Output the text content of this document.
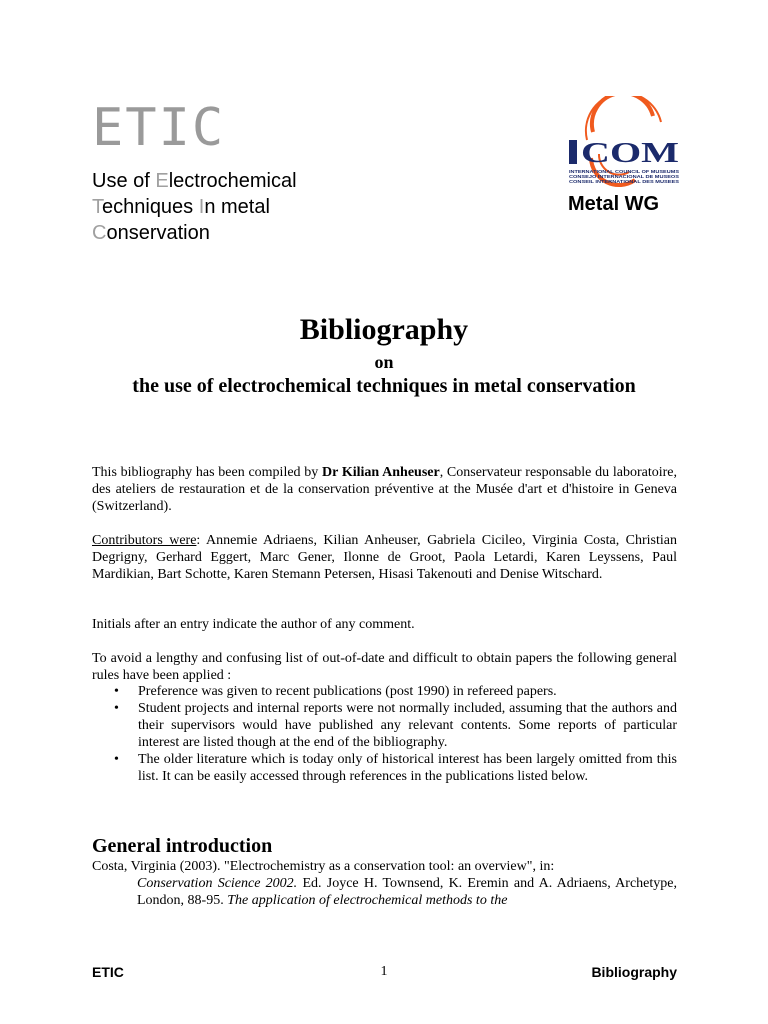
ETIC
Use of Electrochemical
Techniques In metal
Conservation
I COM
INTERNATIONAL COUNCIL OF MUSEUMS
CONSEJO INTERNACIONAL DE MUSEOS
CONSEIL INTERNATIONAL DES MUSEES
Metal WG
Bibliography
on
the use of electrochemical techniques in metal conservation
This bibliography has been compiled by Dr Kilian Anheuser, Conservateur responsable du laboratoire, des ateliers de restauration et de la conservation préventive at the Musée d'art et d'histoire in Geneva (Switzerland).
Contributors were: Annemie Adriaens, Kilian Anheuser, Gabriela Cicileo, Virginia Costa, Christian Degrigny, Gerhard Eggert, Marc Gener, Ilonne de Groot, Paola Letardi, Karen Leyssens, Paul Mardikian, Bart Schotte, Karen Stemann Petersen, Hisasi Takenouti and Denise Witschard.
Initials after an entry indicate the author of any comment.
To avoid a lengthy and confusing list of out-of-date and difficult to obtain papers the following general rules have been applied :
• Preference was given to recent publications (post 1990) in refereed papers.
• Student projects and internal reports were not normally included, assuming that the authors and their supervisors would have published any relevant contents. Some reports of particular interest are listed though at the end of the bibliography.
• The older literature which is today only of historical interest has been largely omitted from this list. It can be easily accessed through references in the publications listed below.
General introduction
Costa, Virginia (2003). "Electrochemistry as a conservation tool: an overview", in:
Conservation Science 2002. Ed. Joyce H. Townsend, K. Eremin and A. Adriaens, Archetype, London, 88-95. The application of electrochemical methods to the
ETIC	1	Bibliography
